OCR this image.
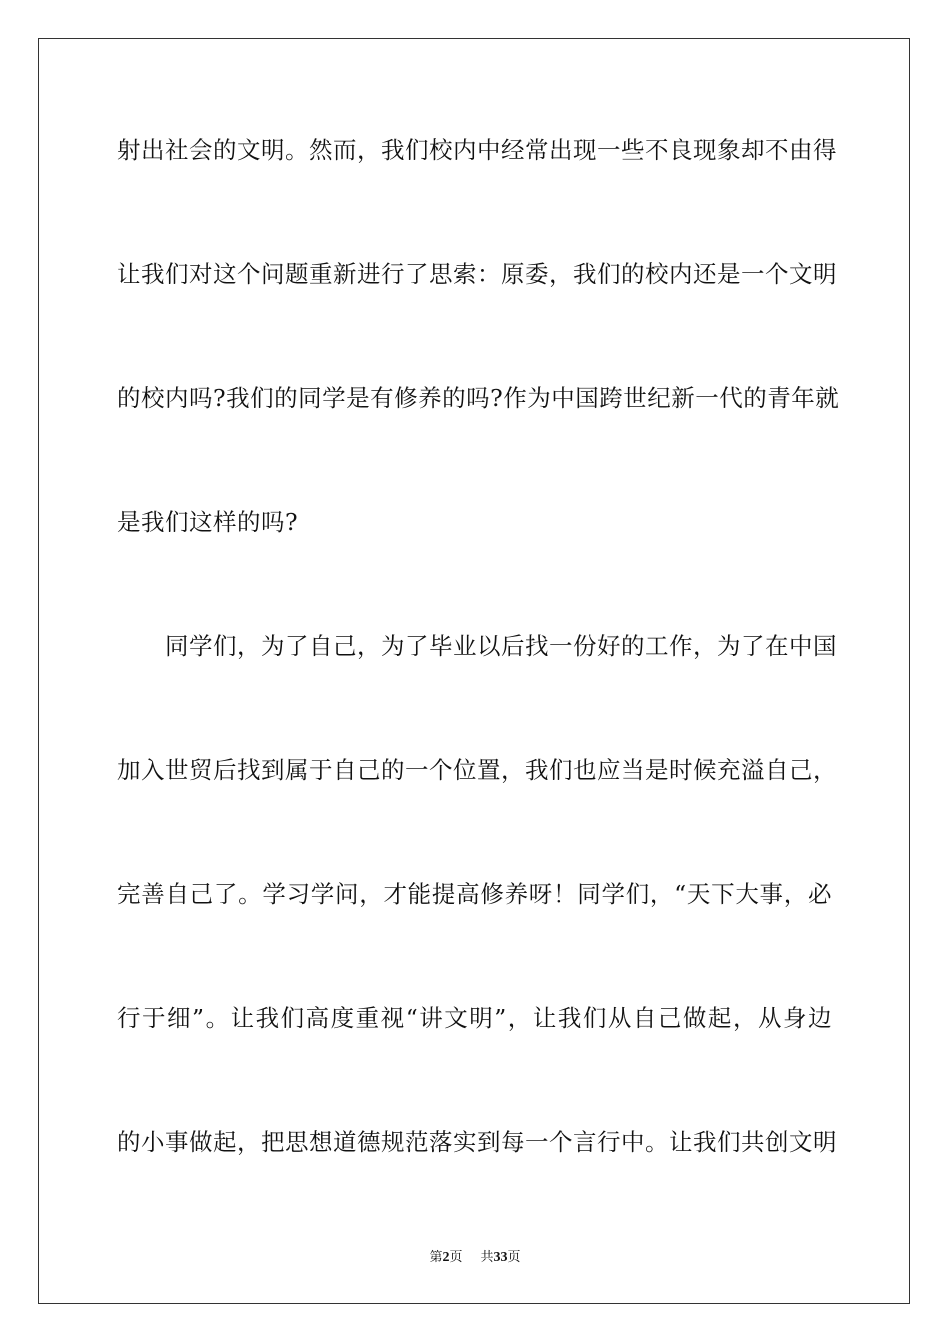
射出社会的文明。然而，我们校内中经常出现一些不良现象却不由得
让我们对这个问题重新进行了思索：原委，我们的校内还是一个文明
的校内吗?我们的同学是有修养的吗?作为中国跨世纪新一代的青年就
是我们这样的吗?
同学们，为了自己，为了毕业以后找一份好的工作，为了在中国
加入世贸后找到属于自己的一个位置，我们也应当是时候充溢自己，
完善自己了。学习学问，才能提高修养呀！同学们，“天下大事，必
行于细”。让我们高度重视“讲文明”，让我们从自己做起，从身边
的小事做起，把思想道德规范落实到每一个言行中。让我们共创文明
第2页 共33页
